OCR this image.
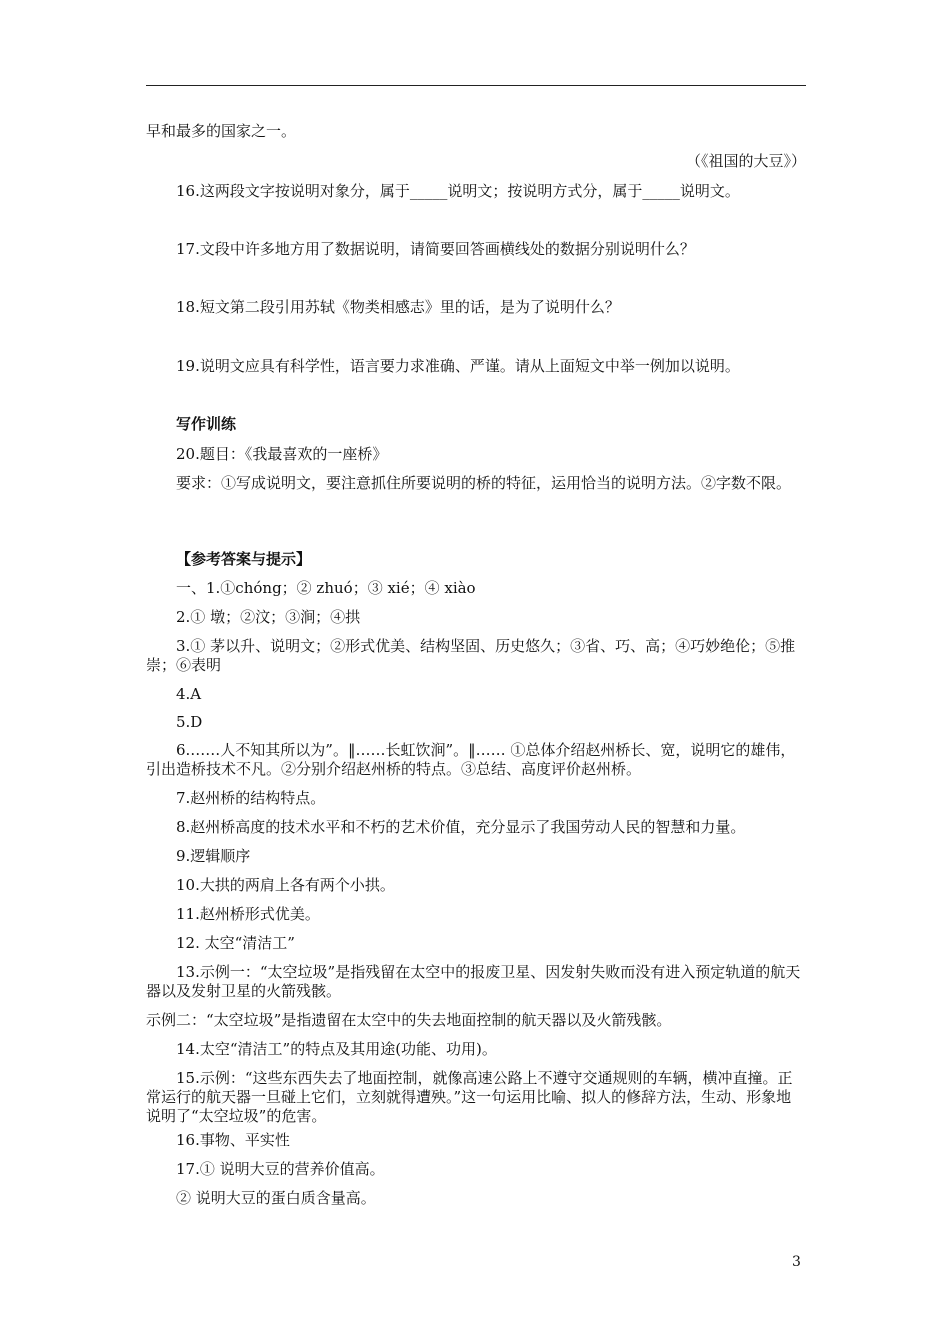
早和最多的国家之一。
（《祖国的大豆》）
16.这两段文字按说明对象分，属于_____说明文；按说明方式分，属于_____说明文。
17.文段中许多地方用了数据说明，请简要回答画横线处的数据分别说明什么？
18.短文第二段引用苏轼《物类相感志》里的话，是为了说明什么？
19.说明文应具有科学性，语言要力求准确、严谨。请从上面短文中举一例加以说明。
写作训练
20.题目：《我最喜欢的一座桥》
要求：①写成说明文，要注意抓住所要说明的桥的特征，运用恰当的说明方法。②字数不限。
【参考答案与提示】
一、1.①chóng；② zhuó；③ xié；④ xiào
2.① 墩；②汶；③涧；④拱
3.① 茅以升、说明文；②形式优美、结构坚固、历史悠久；③省、巧、高；④巧妙绝伦；⑤推崇；⑥表明
4.A
5.D
6.……人不知其所以为”。‖……长虹饮涧”。‖…… ①总体介绍赵州桥长、宽，说明它的雄伟，引出造桥技术不凡。②分别介绍赵州桥的特点。③总结、高度评价赵州桥。
7.赵州桥的结构特点。
8.赵州桥高度的技术水平和不朽的艺术价值，充分显示了我国劳动人民的智慧和力量。
9.逻辑顺序
10.大拱的两肩上各有两个小拱。
11.赵州桥形式优美。
12. 太空“清洁工”
13.示例一：“太空垃圾”是指残留在太空中的报废卫星、因发射失败而没有进入预定轨道的航天器以及发射卫星的火箭残骸。
示例二：“太空垃圾”是指遗留在太空中的失去地面控制的航天器以及火箭残骸。
14.太空“清洁工”的特点及其用途(功能、功用)。
15.示例：“这些东西失去了地面控制，就像高速公路上不遵守交通规则的车辆，横冲直撞。正常运行的航天器一旦碰上它们，立刻就得遭殃。”这一句运用比喻、拟人的修辞方法，生动、形象地说明了“太空垃圾”的危害。
16.事物、平实性
17.① 说明大豆的营养价值高。
② 说明大豆的蛋白质含量高。
3
